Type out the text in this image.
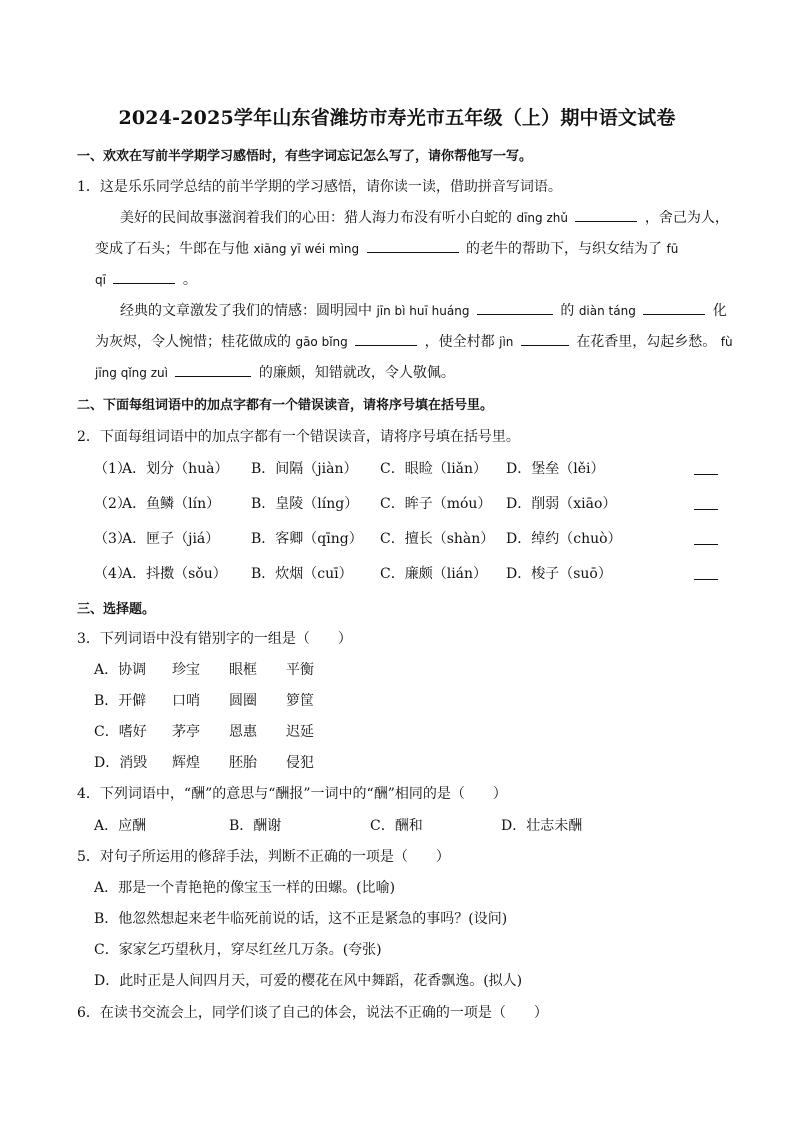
2024-2025学年山东省潍坊市寿光市五年级（上）期中语文试卷
一、欢欢在写前半学期学习感悟时，有些字词忘记怎么写了，请你帮他写一写。
1．这是乐乐同学总结的前半学期的学习感悟，请你读一读，借助拼音写词语。
美好的民间故事滋润着我们的心田：猎人海力布没有听小白蛇的 dīng zhǔ	，舍己为人，
变成了石头；牛郎在与他 xiāng yī wéi mìng	的老牛的帮助下，与织女结为了 fū
qī	。
经典的文章激发了我们的情感：圆明园中 jīn bì huī huáng	的 diàn táng	化
为灰烬，令人惋惜；桂花做成的 gāo bǐng	，使全村都 jìn	在花香里，勾起乡愁。 fù
jīng qǐng zuì	的廉颇，知错就改，令人敬佩。
二、下面每组词语中的加点字都有一个错误读音，请将序号填在括号里。
2．下面每组词语中的加点字都有一个错误读音，请将序号填在括号里。
（1）
A．划分（huà） B．间隔（jiàn） C．眼睑（liǎn） D．堡垒（lěi）
（2）
A．鱼鳞（lín） B．皇陵（líng） C．眸子（móu） D．削弱（xiāo）
（3）
A．匣子（jiá） B．客卿（qīng） C．擅长（shàn） D．绰约（chuò）
（4）
A．抖擞（sǒu） B．炊烟（cuī） C．廉颇（lián） D．梭子（suō）
三、选择题。
3．下列词语中没有错别字的一组是（　　）
A．协调 珍宝 眼框 平衡
B．开僻 口哨 圆圈 箩筐
C．嗜好 茅亭 恩惠 迟延
D．消毁 辉煌 胚胎 侵犯
4．下列词语中，“酬”的意思与“酬报”一词中的“酬”相同的是（　　）
A．应酬	B．酬谢	C．酬和	D．壮志未酬
5．对句子所运用的修辞手法，判断不正确的一项是（　　）
A．那是一个青艳艳的像宝玉一样的田螺。(比喻)
B．他忽然想起来老牛临死前说的话，这不正是紧急的事吗？(设问)
C．家家乞巧望秋月，穿尽红丝几万条。(夸张)
D．此时正是人间四月天，可爱的樱花在风中舞蹈，花香飘逸。(拟人)
6．在读书交流会上，同学们谈了自己的体会，说法不正确的一项是（　　）
